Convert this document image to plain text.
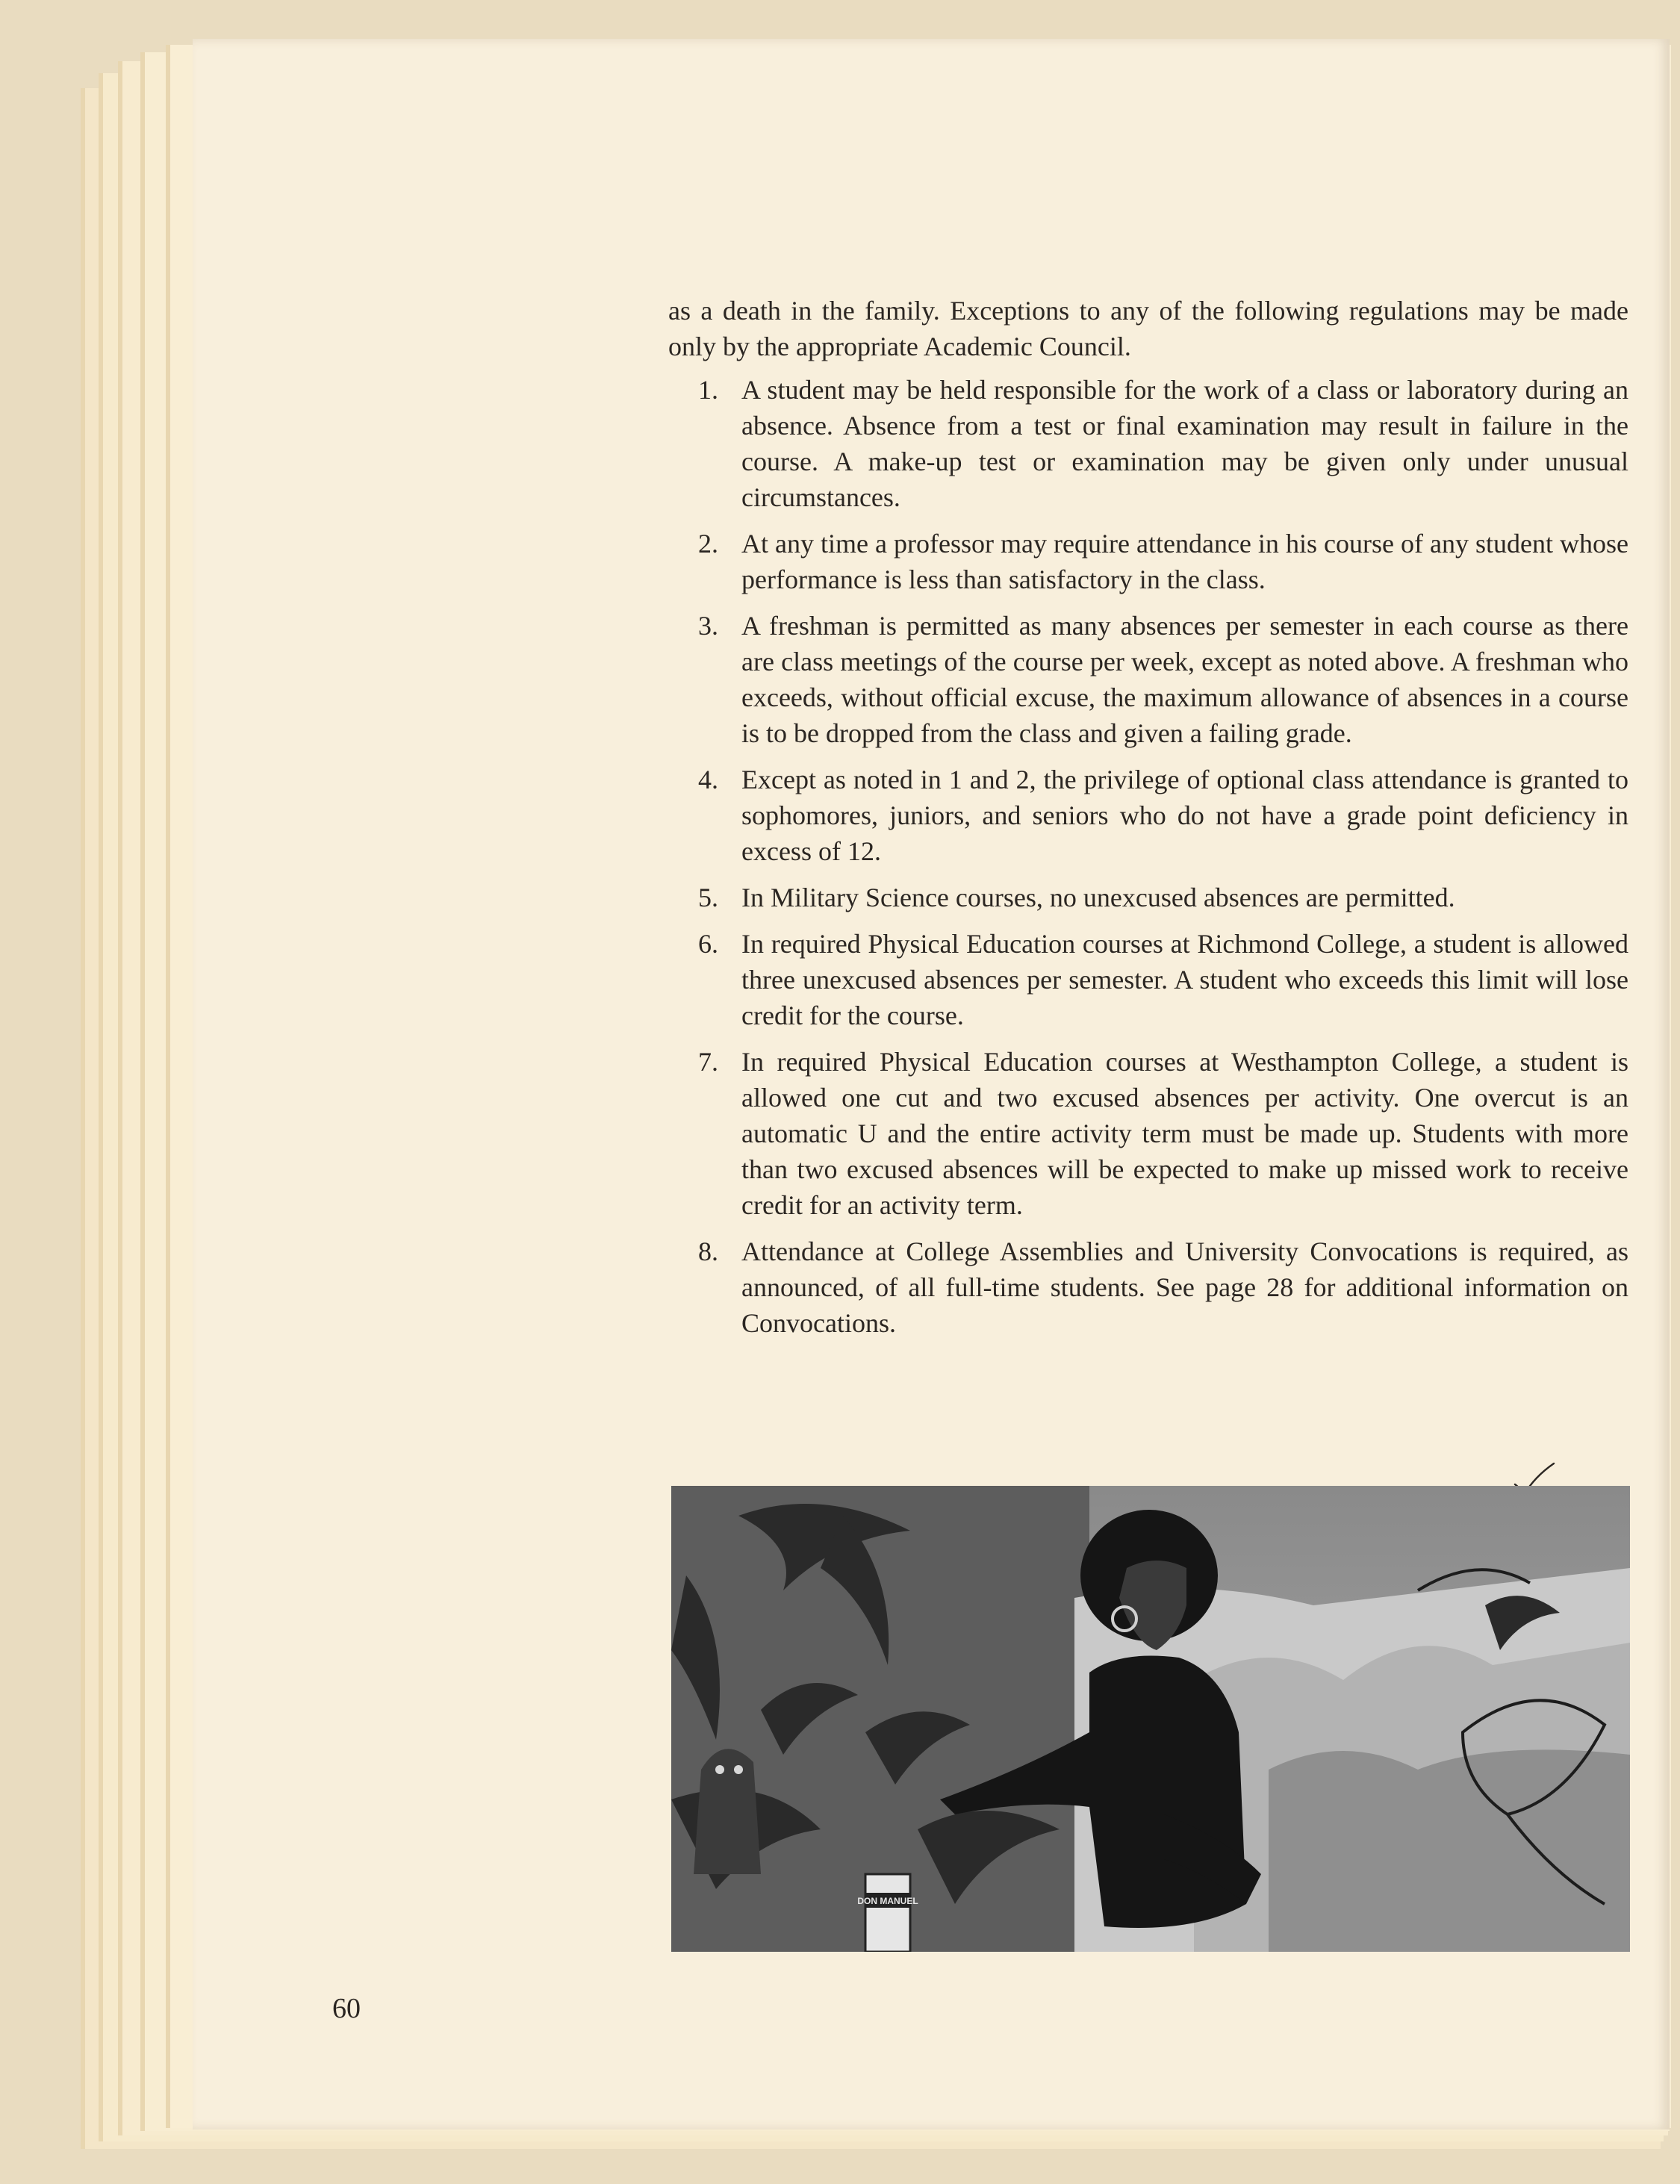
as a death in the family. Exceptions to any of the following regulations may be made only by the appropriate Academic Council.

1. A student may be held responsible for the work of a class or laboratory during an absence. Absence from a test or final examination may result in failure in the course. A make-up test or examination may be given only under unusual circumstances.
2. At any time a professor may require attendance in his course of any student whose performance is less than satisfactory in the class.
3. A freshman is permitted as many absences per semester in each course as there are class meetings of the course per week, except as noted above. A freshman who exceeds, without official excuse, the maximum allowance of absences in a course is to be dropped from the class and given a failing grade.
4. Except as noted in 1 and 2, the privilege of optional class attendance is granted to sophomores, juniors, and seniors who do not have a grade point deficiency in excess of 12.
5. In Military Science courses, no unexcused absences are permitted.
6. In required Physical Education courses at Richmond College, a student is allowed three unexcused absences per semester. A student who exceeds this limit will lose credit for the course.
7. In required Physical Education courses at Westhampton College, a student is allowed one cut and two excused absences per activity. One overcut is an automatic U and the entire activity term must be made up. Students with more than two excused absences will be expected to make up missed work to receive credit for an activity term.
8. Attendance at College Assemblies and University Convocations is required, as announced, of all full-time students. See page 28 for additional information on Convocations.
DON MANUEL
60
